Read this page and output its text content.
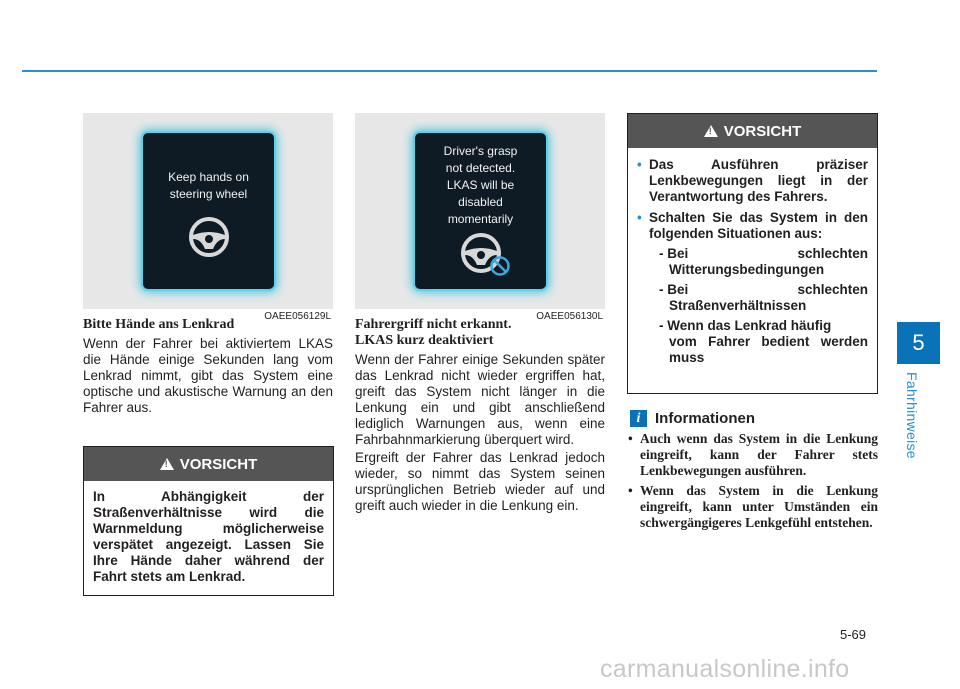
5
Fahrhinweise
Keep hands on
steering wheel
OAEE056129L
Driver's grasp
not detected.
LKAS will be
disabled
momentarily
OAEE056130L
Bitte Hände ans Lenkrad

Wenn der Fahrer bei aktiviertem LKAS die Hände einige Sekunden lang vom Lenkrad nimmt, gibt das System eine optische und akustische Warnung an den Fahrer aus.

!
VORSICHT
In Abhängigkeit der Straßenverhältnisse wird die Warnmeldung möglicherweise verspätet angezeigt. Lassen Sie Ihre Hände daher während der Fahrt stets am Lenkrad.
Fahrergriff nicht erkannt.
LKAS kurz deaktiviert

Wenn der Fahrer einige Sekunden später das Lenkrad nicht wieder ergriffen hat, greift das System nicht länger in die Lenkung ein und gibt anschließend lediglich Warnungen aus, wenn eine Fahrbahnmarkierung überquert wird.

Ergreift der Fahrer das Lenkrad jedoch wieder, so nimmt das System seinen ursprünglichen Betrieb wieder auf und greift auch wieder in die Lenkung ein.

!
VORSICHT
• Das Ausführen präziser Lenkbewegungen liegt in der Verantwortung des Fahrers.
• Schalten Sie das System in den folgenden Situationen aus:
- Bei	schlechten
Witterungsbedingungen
- Bei	schlechten
Straßenverhältnissen
- Wenn das Lenkrad häufig
vom Fahrer bedient werden muss
i Informationen
• Auch wenn das System in die Lenkung eingreift, kann der Fahrer stets Lenkbewegungen ausführen.
• Wenn das System in die Lenkung eingreift, kann unter Umständen ein schwergängigeres Lenkgefühl entstehen.
5-69
carmanualsonline.info
